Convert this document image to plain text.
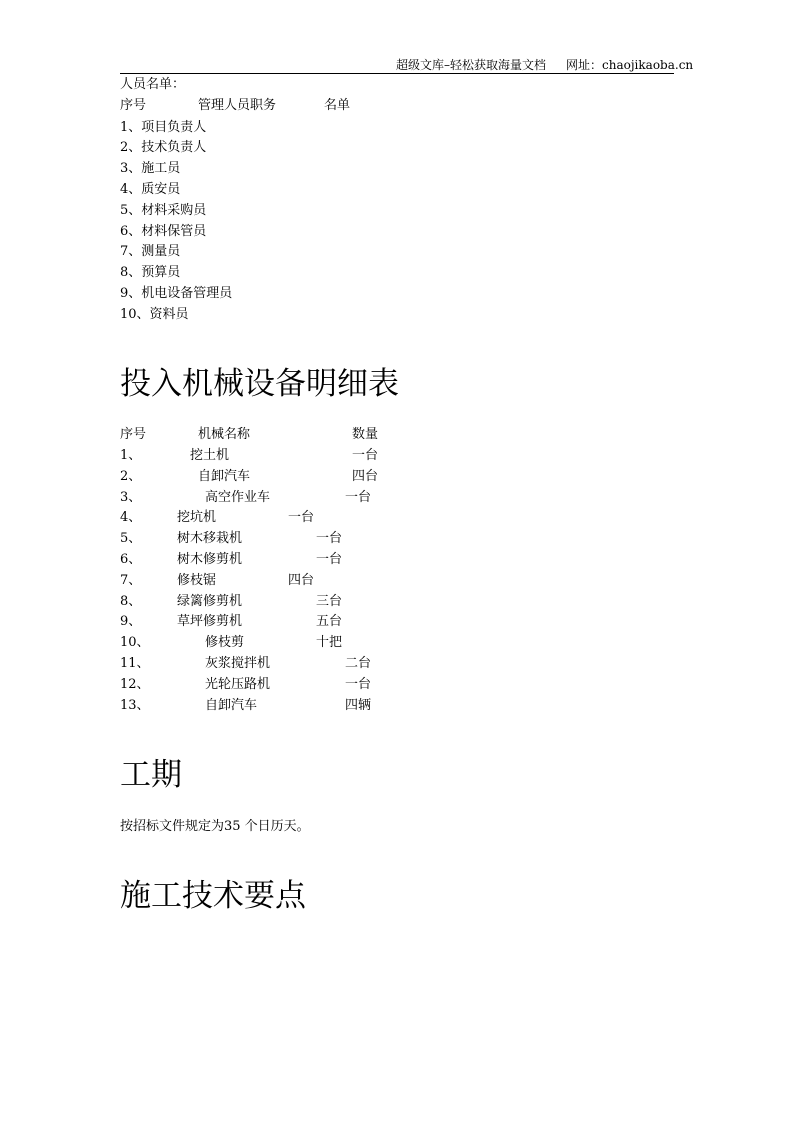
超级文库–轻松获取海量文档 网址：chaojikaoba.cn
人员名单：
序号	管理人员职务	名单
1、项目负责人
2、技术负责人
3、施工员
4、质安员
5、材料采购员
6、材料保管员
7、测量员
8、预算员
9、机电设备管理员
10、资料员
投入机械设备明细表
序号	机械名称	数量
1、	挖土机	一台
2、	自卸汽车	四台
3、	高空作业车	一台
4、	挖坑机	一台
5、	树木移栽机	一台
6、	树木修剪机	一台
7、	修枝锯	四台
8、	绿篱修剪机	三台
9、	草坪修剪机	五台
10、	修枝剪	十把
11、	灰浆搅拌机	二台
12、	光轮压路机	一台
13、	自卸汽车	四辆
工期
按招标文件规定为35 个日历天。
施工技术要点
